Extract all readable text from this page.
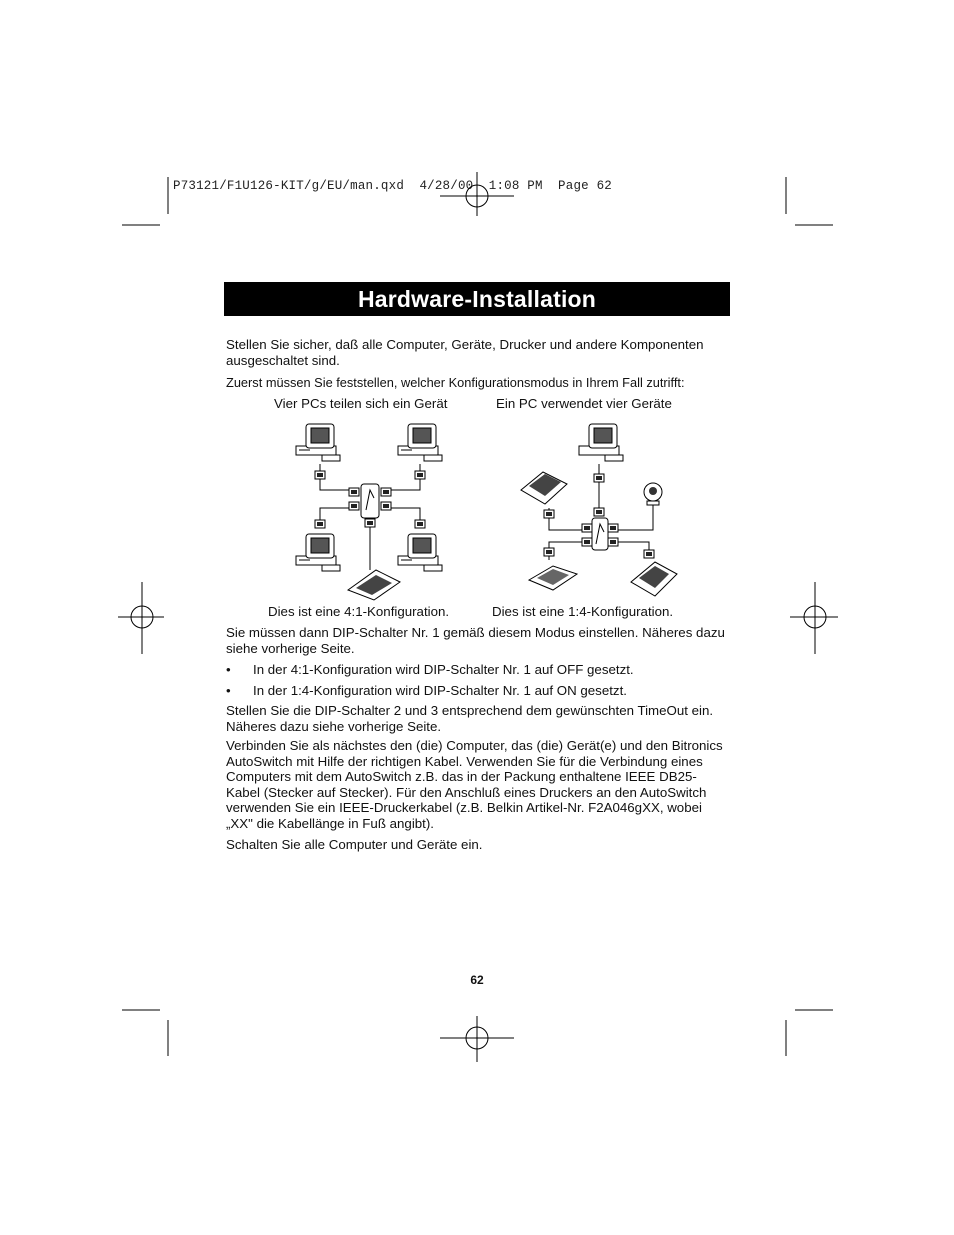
P73121/F1U126-KIT/g/EU/man.qxd  4/28/00  1:08 PM  Page 62
Hardware-Installation

Stellen Sie sicher, daß alle Computer, Geräte, Drucker und andere Komponenten ausgeschaltet sind.

Zuerst müssen Sie feststellen, welcher Konfigurationsmodus in Ihrem Fall zutrifft:

Vier PCs teilen sich ein Gerät	Ein PC verwendet vier Geräte
Dies ist eine 4:1-Konfiguration.	Dies ist eine 1:4-Konfiguration.

Sie müssen dann DIP-Schalter Nr. 1 gemäß diesem Modus einstellen. Näheres dazu siehe vorherige Seite.

• In der 4:1-Konfiguration wird DIP-Schalter Nr. 1 auf OFF gesetzt.
• In der 1:4-Konfiguration wird DIP-Schalter Nr. 1 auf ON gesetzt.

Stellen Sie die DIP-Schalter 2 und 3 entsprechend dem gewünschten TimeOut ein. Näheres dazu siehe vorherige Seite.

Verbinden Sie als nächstes den (die) Computer, das (die) Gerät(e) und den Bitronics AutoSwitch mit Hilfe der richtigen Kabel. Verwenden Sie für die Verbindung eines Computers mit dem AutoSwitch z.B. das in der Packung enthaltene IEEE DB25-Kabel (Stecker auf Stecker). Für den Anschluß eines Druckers an den AutoSwitch verwenden Sie ein IEEE-Druckerkabel (z.B. Belkin Artikel-Nr. F2A046gXX, wobei „XX" die Kabellänge in Fuß angibt).

Schalten Sie alle Computer und Geräte ein.

62
